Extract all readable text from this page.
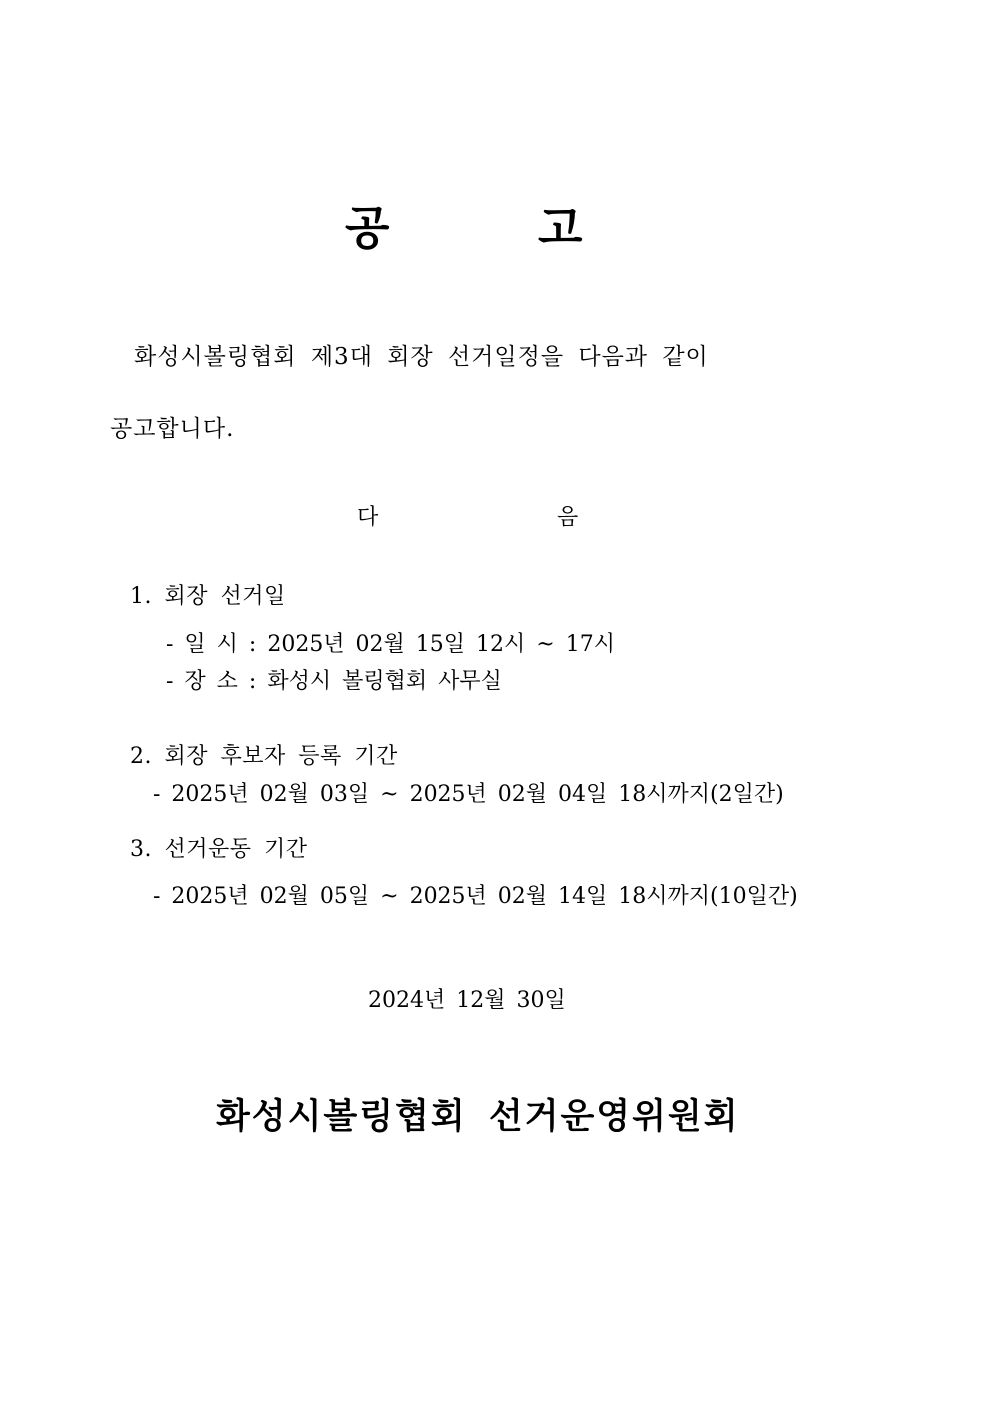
공	고
화성시볼링협회 제3대 회장 선거일정을 다음과 같이
공고합니다.
다	음
1. 회장 선거일
- 일 시 : 2025년 02월 15일 12시 ~ 17시
- 장 소 : 화성시 볼링협회 사무실
2. 회장 후보자 등록 기간
- 2025년 02월 03일 ~ 2025년 02월 04일 18시까지(2일간)
3. 선거운동 기간
- 2025년 02월 05일 ~ 2025년 02월 14일 18시까지(10일간)
2024년 12월 30일
화성시볼링협회 선거운영위원회
